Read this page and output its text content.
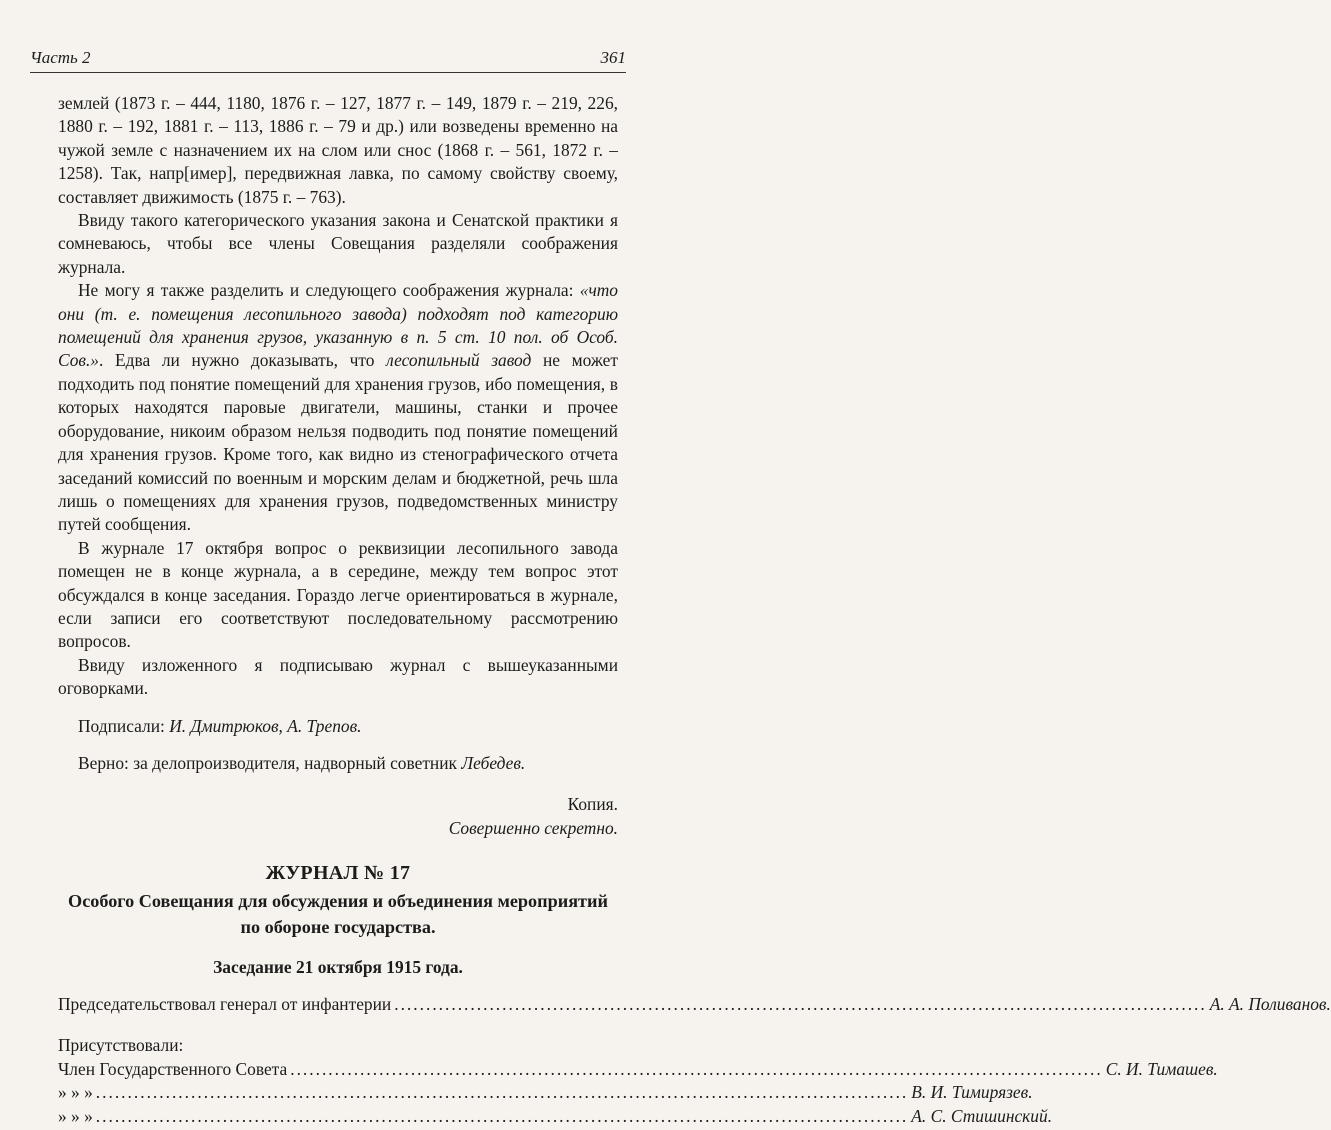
Часть 2	361

землей (1873 г. – 444, 1180, 1876 г. – 127, 1877 г. – 149, 1879 г. – 219, 226, 1880 г. – 192, 1881 г. – 113, 1886 г. – 79 и др.) или возведены временно на чужой земле с назначением их на слом или снос (1868 г. – 561, 1872 г. – 1258). Так, напр[имер], передвижная лавка, по самому свойству своему, составляет движимость (1875 г. – 763).

Ввиду такого категорического указания закона и Сенатской практики я сомневаюсь, чтобы все члены Совещания разделяли соображения журнала.

Не могу я также разделить и следующего соображения журнала: «что они (т. е. помещения лесопильного завода) подходят под категорию помещений для хранения грузов, указанную в п. 5 ст. 10 пол. об Особ. Сов.». Едва ли нужно доказывать, что лесопильный завод не может подходить под понятие помещений для хранения грузов, ибо помещения, в которых находятся паровые двигатели, машины, станки и прочее оборудование, никоим образом нельзя подводить под понятие помещений для хранения грузов. Кроме того, как видно из стенографического отчета заседаний комиссий по военным и морским делам и бюджетной, речь шла лишь о помещениях для хранения грузов, подведомственных министру путей сообщения.

В журнале 17 октября вопрос о реквизиции лесопильного завода помещен не в конце журнала, а в середине, между тем вопрос этот обсуждался в конце заседания. Гораздо легче ориентироваться в журнале, если записи его соответствуют последовательному рассмотрению вопросов.

Ввиду изложенного я подписываю журнал с вышеуказанными оговорками.

Подписали: И. Дмитрюков, А. Трепов.

Верно: за делопроизводителя, надворный советник Лебедев.

Копия.

Совершенно секретно.

ЖУРНАЛ № 17

Особого Совещания для обсуждения и объединения мероприятий по обороне государства.

Заседание 21 октября 1915 года.

Председательствовал генерал от инфантерии ................................................................................................................................ А. А. Поливанов.

Присутствовали:

Член Государственного Совета ................................................................................................................................ С. И. Тимашев.
» » » ................................................................................................................................ В. И. Тимирязев.
» » » ................................................................................................................................ А. С. Стишинский.
